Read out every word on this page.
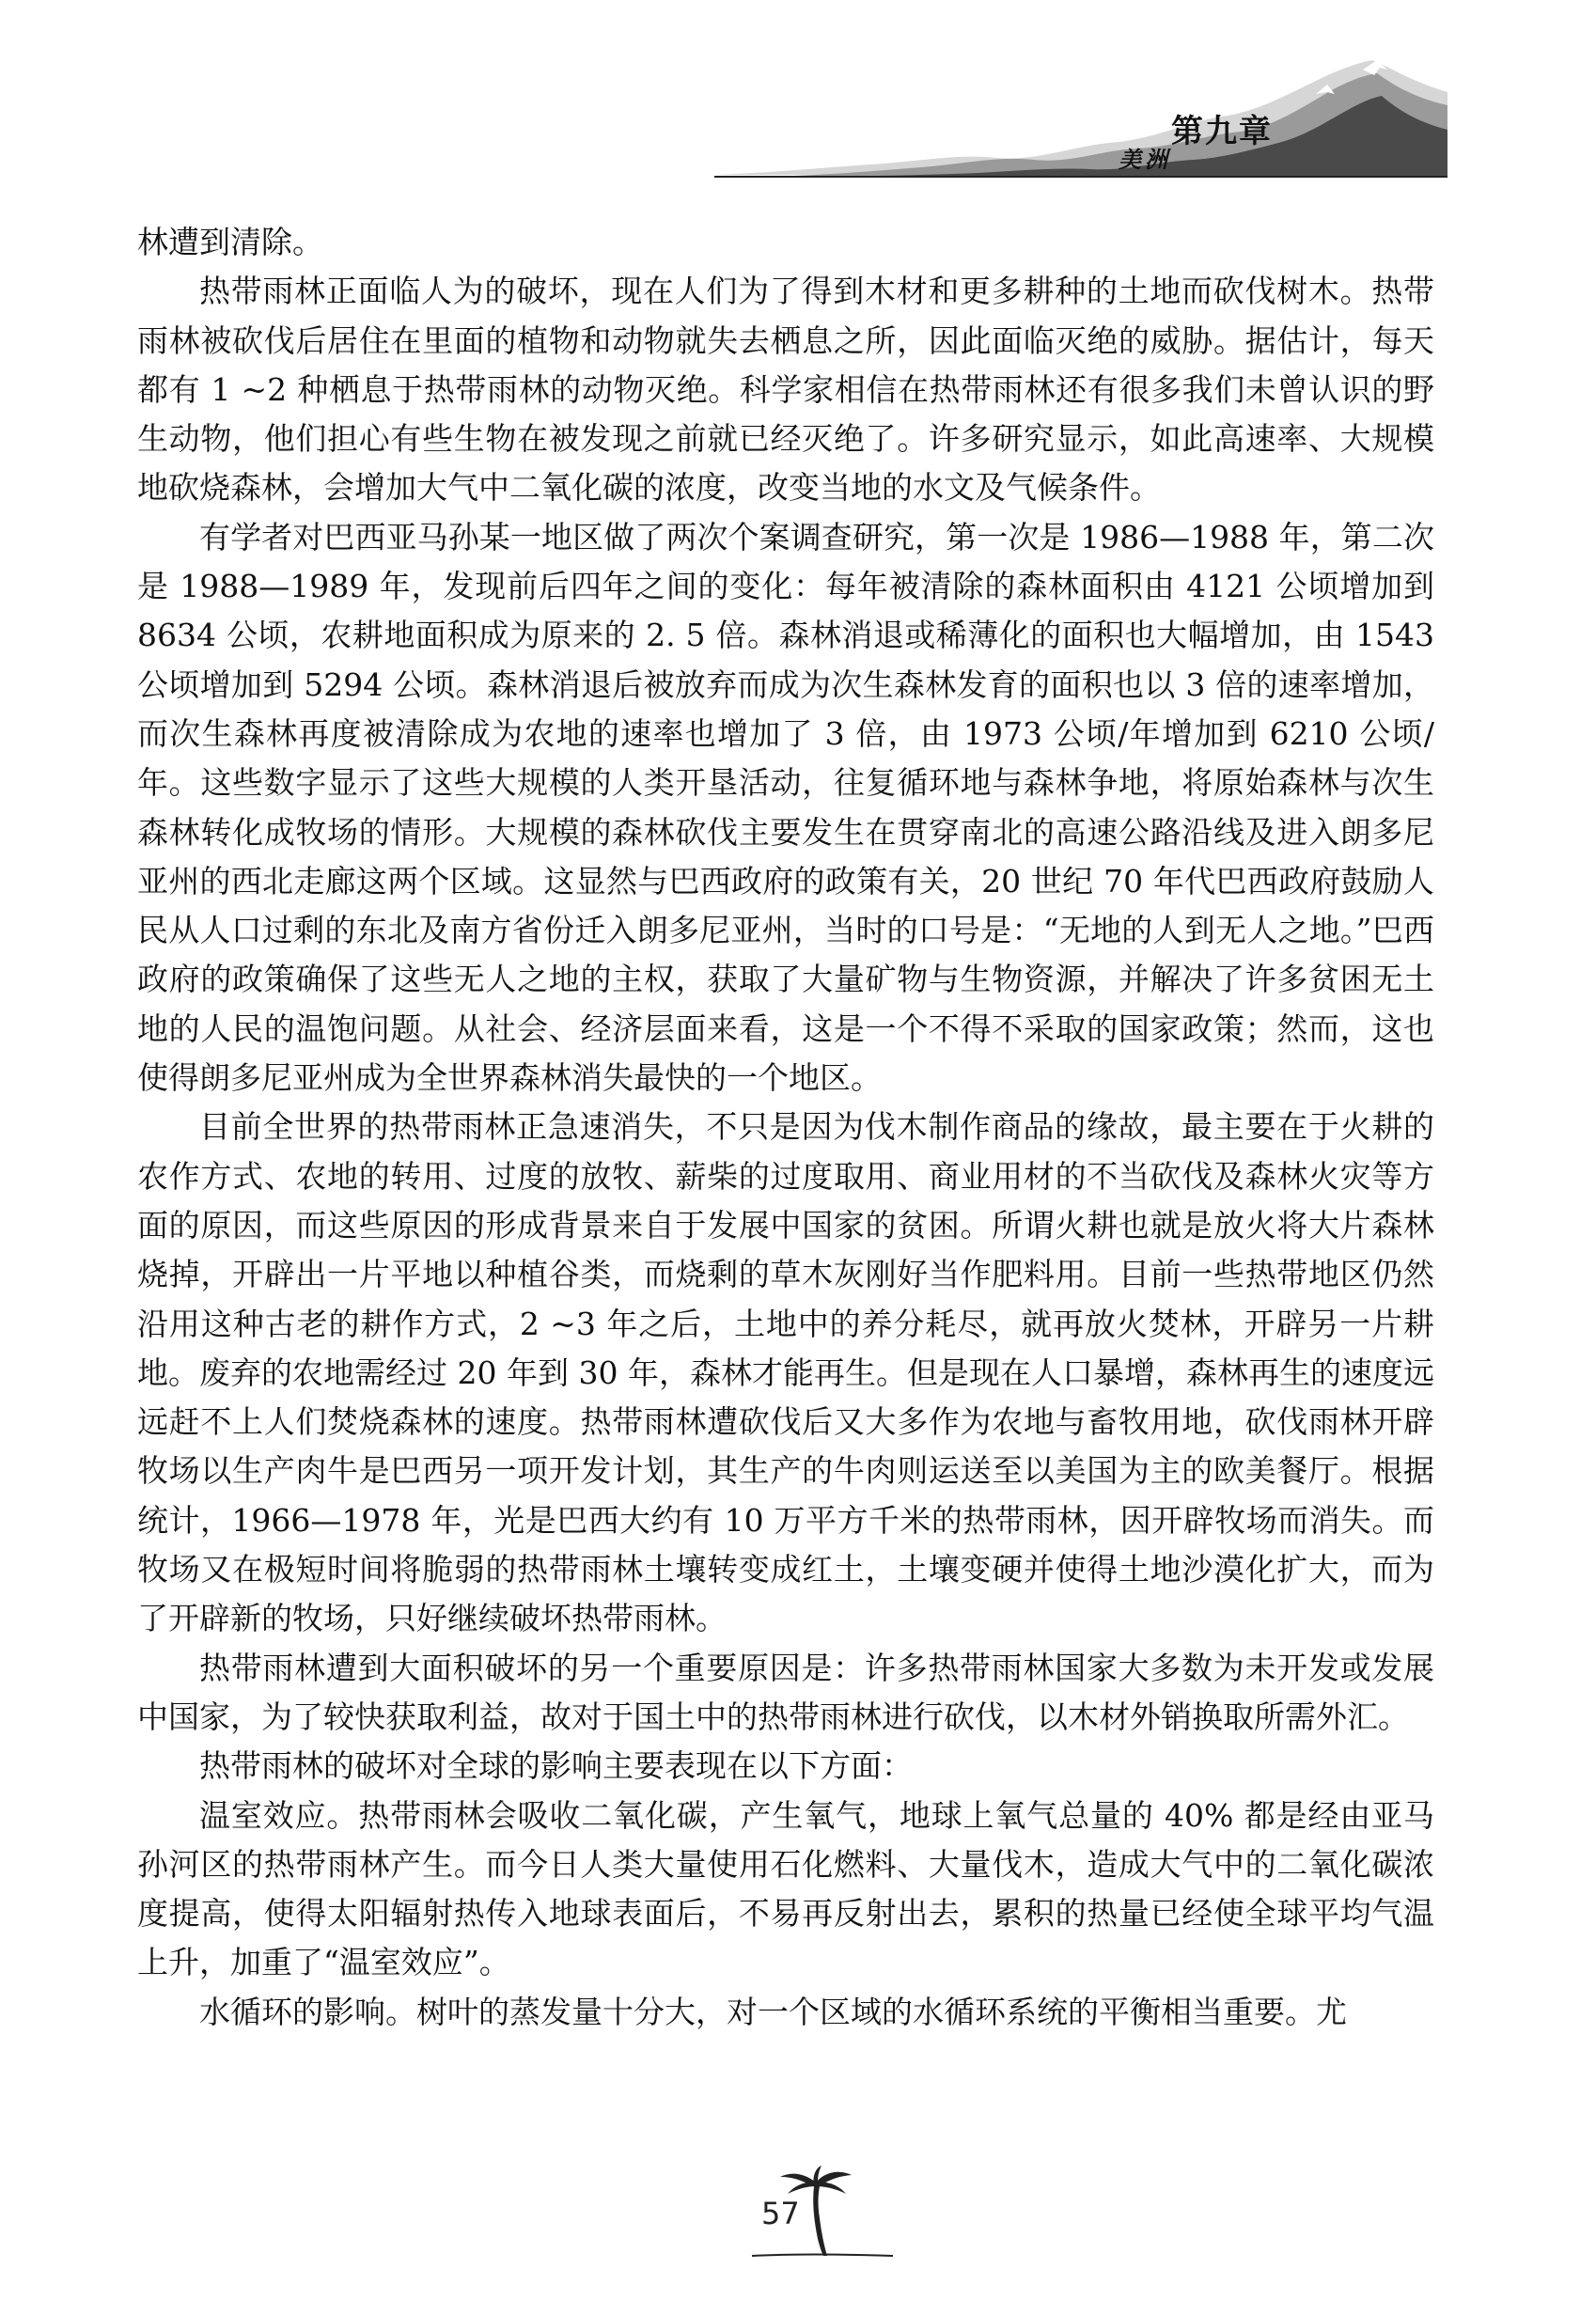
第九章
美洲

林遭到清除。

热带雨林正面临人为的破坏，现在人们为了得到木材和更多耕种的土地而砍伐树木。热带雨林被砍伐后居住在里面的植物和动物就失去栖息之所，因此面临灭绝的威胁。据估计，每天都有 1 ~2 种栖息于热带雨林的动物灭绝。科学家相信在热带雨林还有很多我们未曾认识的野生动物，他们担心有些生物在被发现之前就已经灭绝了。许多研究显示，如此高速率、大规模地砍烧森林，会增加大气中二氧化碳的浓度，改变当地的水文及气候条件。

有学者对巴西亚马孙某一地区做了两次个案调查研究，第一次是 1986—1988 年，第二次是 1988—1989 年，发现前后四年之间的变化：每年被清除的森林面积由 4121 公顷增加到 8634 公顷，农耕地面积成为原来的 2. 5 倍。森林消退或稀薄化的面积也大幅增加，由 1543 公顷增加到 5294 公顷。森林消退后被放弃而成为次生森林发育的面积也以 3 倍的速率增加，而次生森林再度被清除成为农地的速率也增加了 3 倍，由 1973 公顷/年增加到 6210 公顷/年。这些数字显示了这些大规模的人类开垦活动，往复循环地与森林争地，将原始森林与次生森林转化成牧场的情形。大规模的森林砍伐主要发生在贯穿南北的高速公路沿线及进入朗多尼亚州的西北走廊这两个区域。这显然与巴西政府的政策有关，20 世纪 70 年代巴西政府鼓励人民从人口过剩的东北及南方省份迁入朗多尼亚州，当时的口号是：“无地的人到无人之地。”巴西政府的政策确保了这些无人之地的主权，获取了大量矿物与生物资源，并解决了许多贫困无土地的人民的温饱问题。从社会、经济层面来看，这是一个不得不采取的国家政策；然而，这也使得朗多尼亚州成为全世界森林消失最快的一个地区。

目前全世界的热带雨林正急速消失，不只是因为伐木制作商品的缘故，最主要在于火耕的农作方式、农地的转用、过度的放牧、薪柴的过度取用、商业用材的不当砍伐及森林火灾等方面的原因，而这些原因的形成背景来自于发展中国家的贫困。所谓火耕也就是放火将大片森林烧掉，开辟出一片平地以种植谷类，而烧剩的草木灰刚好当作肥料用。目前一些热带地区仍然沿用这种古老的耕作方式，2 ~3 年之后，土地中的养分耗尽，就再放火焚林，开辟另一片耕地。废弃的农地需经过 20 年到 30 年，森林才能再生。但是现在人口暴增，森林再生的速度远远赶不上人们焚烧森林的速度。热带雨林遭砍伐后又大多作为农地与畜牧用地，砍伐雨林开辟牧场以生产肉牛是巴西另一项开发计划，其生产的牛肉则运送至以美国为主的欧美餐厅。根据统计，1966—1978 年，光是巴西大约有 10 万平方千米的热带雨林，因开辟牧场而消失。而牧场又在极短时间将脆弱的热带雨林土壤转变成红土，土壤变硬并使得土地沙漠化扩大，而为了开辟新的牧场，只好继续破坏热带雨林。

热带雨林遭到大面积破坏的另一个重要原因是：许多热带雨林国家大多数为未开发或发展中国家，为了较快获取利益，故对于国土中的热带雨林进行砍伐，以木材外销换取所需外汇。

热带雨林的破坏对全球的影响主要表现在以下方面：

温室效应。热带雨林会吸收二氧化碳，产生氧气，地球上氧气总量的 40% 都是经由亚马孙河区的热带雨林产生。而今日人类大量使用石化燃料、大量伐木，造成大气中的二氧化碳浓度提高，使得太阳辐射热传入地球表面后，不易再反射出去，累积的热量已经使全球平均气温上升，加重了“温室效应”。

水循环的影响。树叶的蒸发量十分大，对一个区域的水循环系统的平衡相当重要。尤

57
